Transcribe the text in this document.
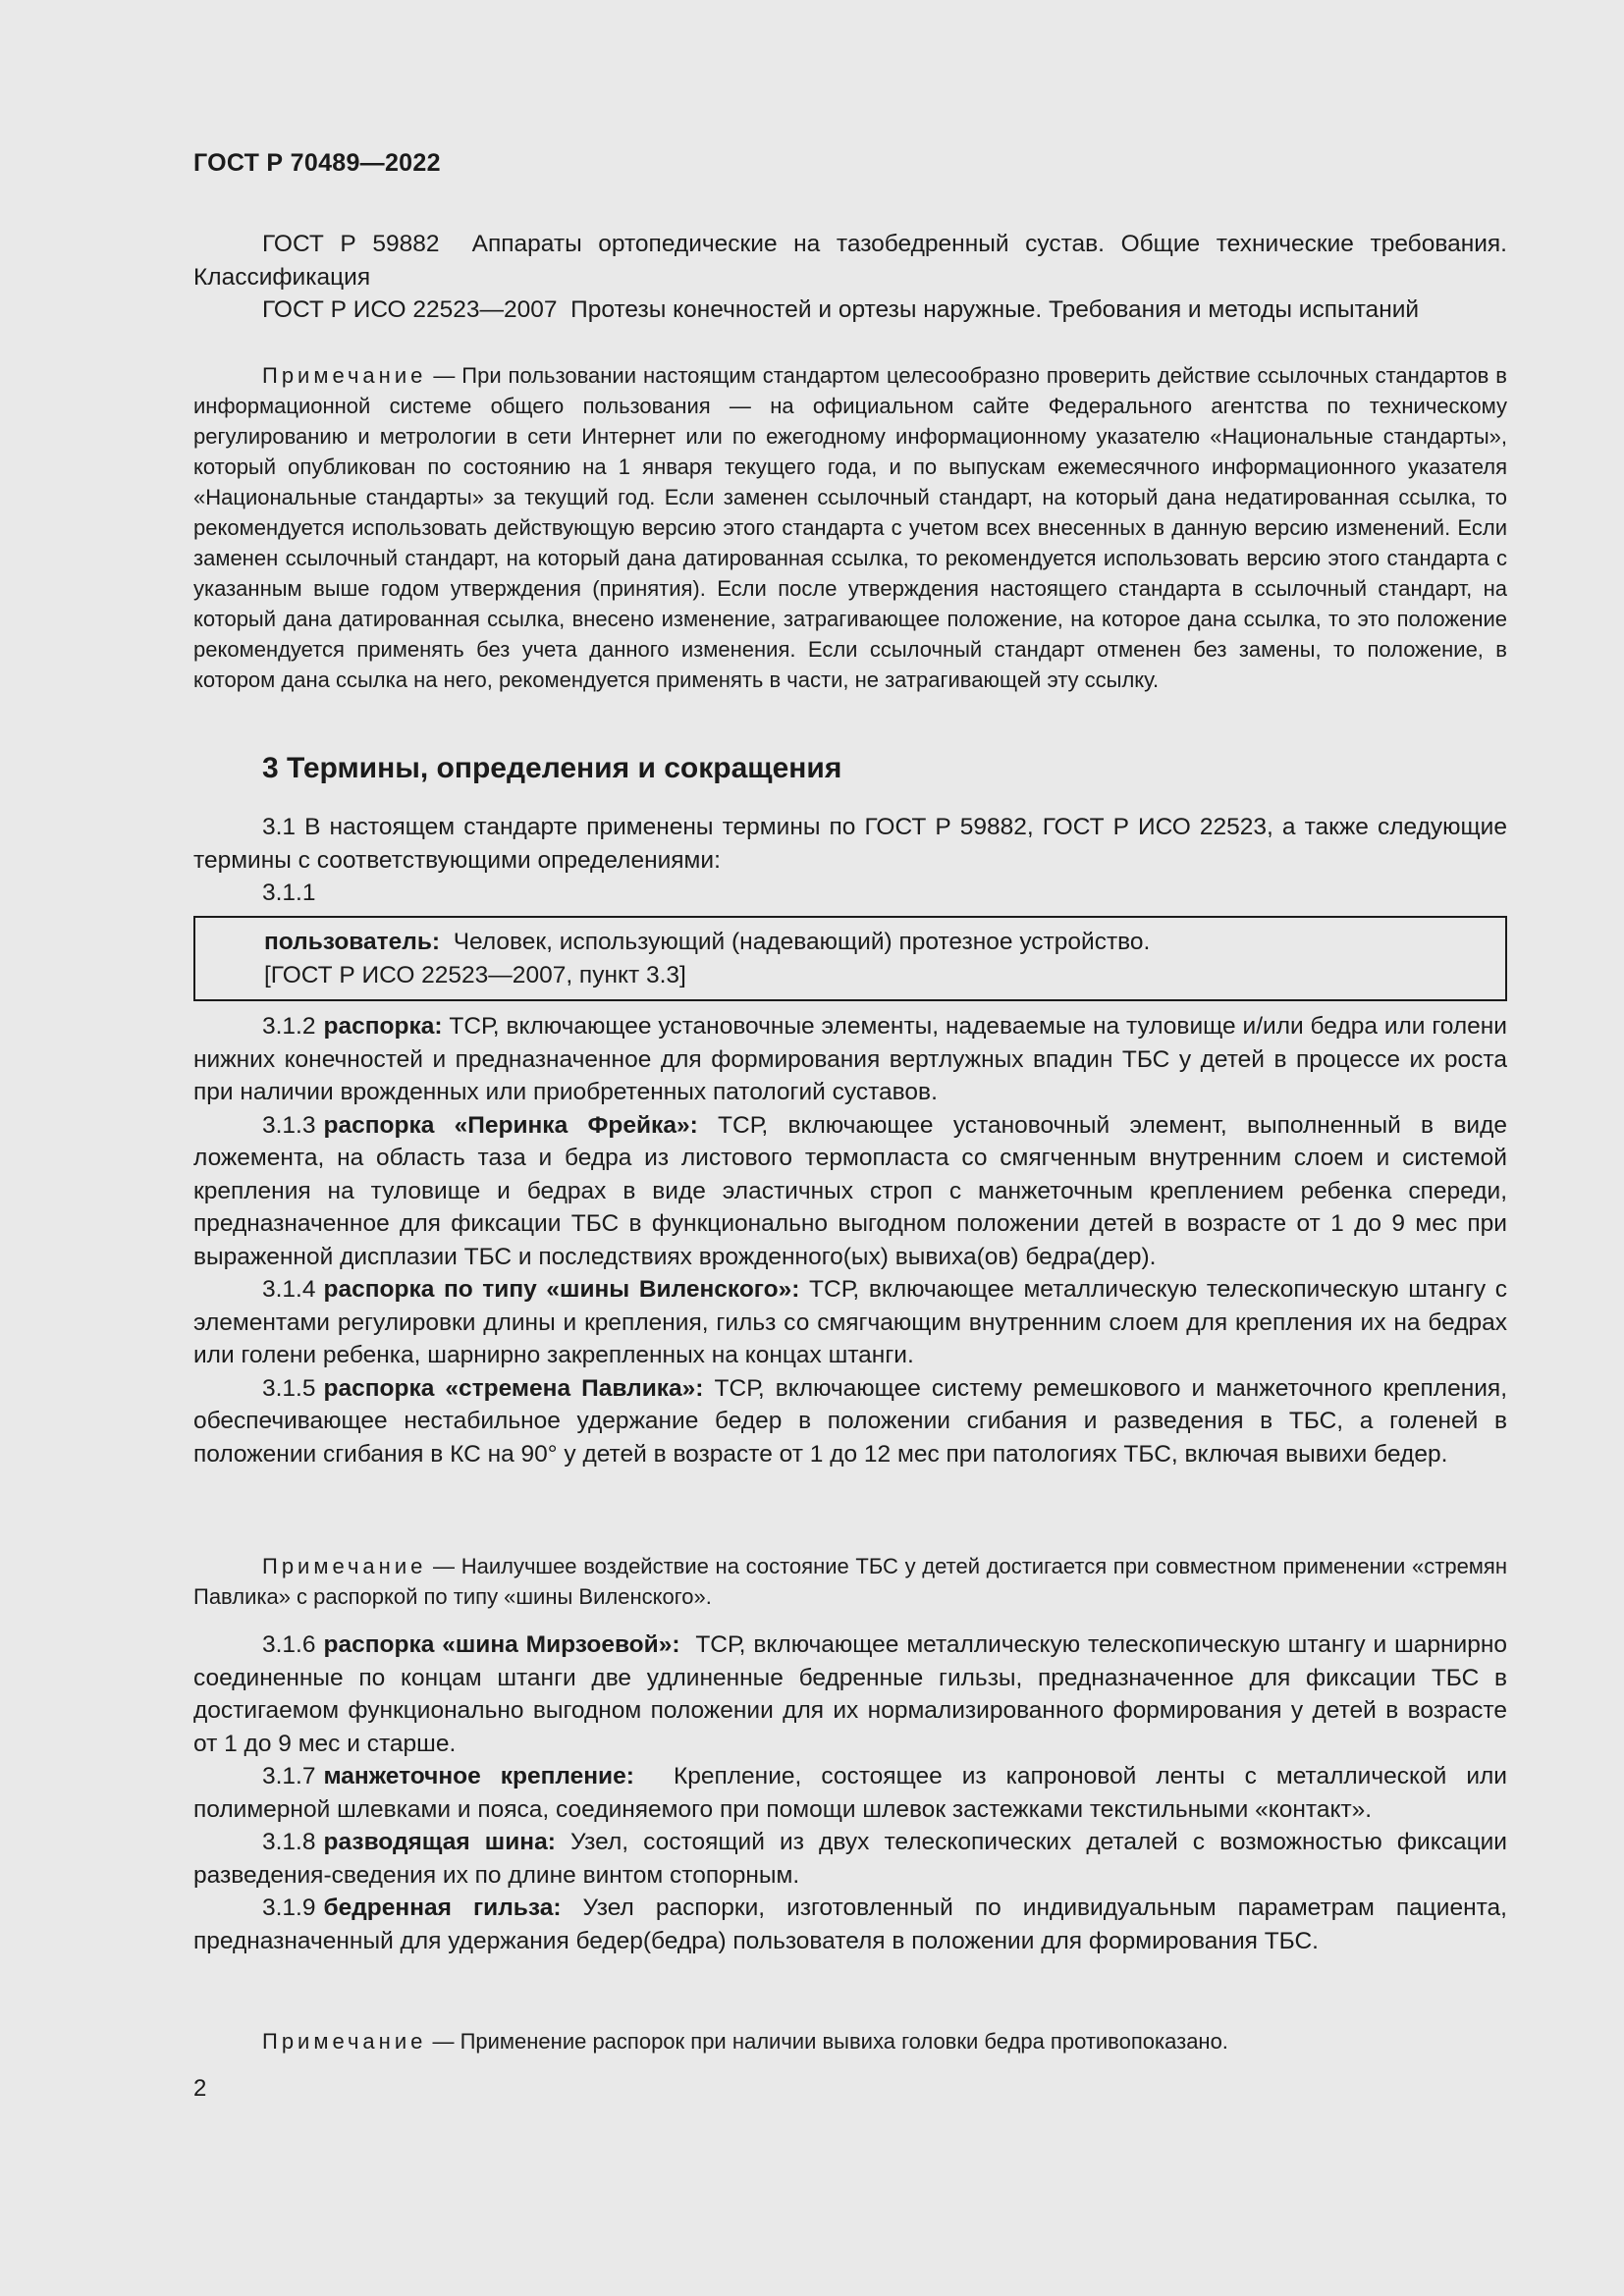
ГОСТ Р 70489—2022

ГОСТ Р 59882 Аппараты ортопедические на тазобедренный сустав. Общие технические требования. Классификация

ГОСТ Р ИСО 22523—2007 Протезы конечностей и ортезы наружные. Требования и методы испытаний

Примечание — При пользовании настоящим стандартом целесообразно проверить действие ссылочных стандартов в информационной системе общего пользования — на официальном сайте Федерального агентства по техническому регулированию и метрологии в сети Интернет или по ежегодному информационному указателю «Национальные стандарты», который опубликован по состоянию на 1 января текущего года, и по выпускам ежемесячного информационного указателя «Национальные стандарты» за текущий год. Если заменен ссылочный стандарт, на который дана недатированная ссылка, то рекомендуется использовать действующую версию этого стандарта с учетом всех внесенных в данную версию изменений. Если заменен ссылочный стандарт, на который дана датированная ссылка, то рекомендуется использовать версию этого стандарта с указанным выше годом утверждения (принятия). Если после утверждения настоящего стандарта в ссылочный стандарт, на который дана датированная ссылка, внесено изменение, затрагивающее положение, на которое дана ссылка, то это положение рекомендуется применять без учета данного изменения. Если ссылочный стандарт отменен без замены, то положение, в котором дана ссылка на него, рекомендуется применять в части, не затрагивающей эту ссылку.

3 Термины, определения и сокращения

3.1 В настоящем стандарте применены термины по ГОСТ Р 59882, ГОСТ Р ИСО 22523, а также следующие термины с соответствующими определениями:

3.1.1

пользователь: Человек, использующий (надевающий) протезное устройство.

[ГОСТ Р ИСО 22523—2007, пункт 3.3]

3.1.2 распорка: ТСР, включающее установочные элементы, надеваемые на туловище и/или бедра или голени нижних конечностей и предназначенное для формирования вертлужных впадин ТБС у детей в процессе их роста при наличии врожденных или приобретенных патологий суставов.

3.1.3 распорка «Перинка Фрейка»: ТСР, включающее установочный элемент, выполненный в виде ложемента, на область таза и бедра из листового термопласта со смягченным внутренним слоем и системой крепления на туловище и бедрах в виде эластичных строп с манжеточным креплением ребенка спереди, предназначенное для фиксации ТБС в функционально выгодном положении детей в возрасте от 1 до 9 мес при выраженной дисплазии ТБС и последствиях врожденного(ых) вывиха(ов) бедра(дер).

3.1.4 распорка по типу «шины Виленского»: ТСР, включающее металлическую телескопическую штангу с элементами регулировки длины и крепления, гильз со смягчающим внутренним слоем для крепления их на бедрах или голени ребенка, шарнирно закрепленных на концах штанги.

3.1.5 распорка «стремена Павлика»: ТСР, включающее систему ремешкового и манжеточного крепления, обеспечивающее нестабильное удержание бедер в положении сгибания и разведения в ТБС, а голеней в положении сгибания в КС на 90° у детей в возрасте от 1 до 12 мес при патологиях ТБС, включая вывихи бедер.

Примечание — Наилучшее воздействие на состояние ТБС у детей достигается при совместном применении «стремян Павлика» с распоркой по типу «шины Виленского».

3.1.6 распорка «шина Мирзоевой»: ТСР, включающее металлическую телескопическую штангу и шарнирно соединенные по концам штанги две удлиненные бедренные гильзы, предназначенное для фиксации ТБС в достигаемом функционально выгодном положении для их нормализированного формирования у детей в возрасте от 1 до 9 мес и старше.

3.1.7 манжеточное крепление: Крепление, состоящее из капроновой ленты с металлической или полимерной шлевками и пояса, соединяемого при помощи шлевок застежками текстильными «контакт».

3.1.8 разводящая шина: Узел, состоящий из двух телескопических деталей с возможностью фиксации разведения-сведения их по длине винтом стопорным.

3.1.9 бедренная гильза: Узел распорки, изготовленный по индивидуальным параметрам пациента, предназначенный для удержания бедер(бедра) пользователя в положении для формирования ТБС.

Примечание — Применение распорок при наличии вывиха головки бедра противопоказано.

2
